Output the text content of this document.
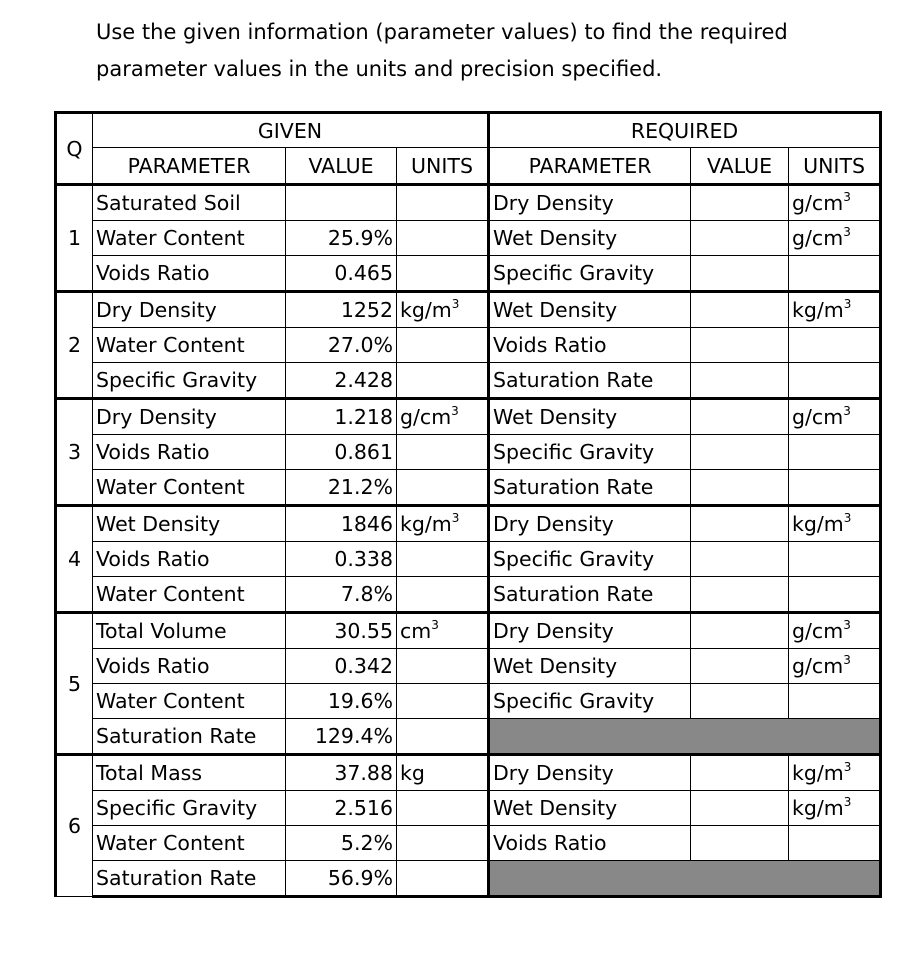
Use the given information (parameter values) to find the required parameter values in the units and precision specified.
Q	GIVEN			REQUIRED		
	PARAMETER	VALUE	UNITS	PARAMETER	VALUE	UNITS
1	Saturated Soil			Dry Density		$g/cm^3$
	Water Content	25.9%		Wet Density		$g/cm^3$
	Voids Ratio	0.465		Specific Gravity		
2	Dry Density	1252	$kg/m^3$	Wet Density		$kg/m^3$
	Water Content	27.0%		Voids Ratio		
	Specific Gravity	2.428		Saturation Rate		
3	Dry Density	1.218	$g/cm^3$	Wet Density		$g/cm^3$
	Voids Ratio	0.861		Specific Gravity		
	Water Content	21.2%		Saturation Rate		
4	Wet Density	1846	$kg/m^3$	Dry Density		$kg/m^3$
	Voids Ratio	0.338		Specific Gravity		
	Water Content	7.8%		Saturation Rate		
5	Total Volume	30.55	$cm^3$	Dry Density		$g/cm^3$
	Voids Ratio	0.342		Wet Density		$g/cm^3$
	Water Content	19.6%		Specific Gravity		
	Saturation Rate	129.4%				
6	Total Mass	37.88	kg	Dry Density		$kg/m^3$
	Specific Gravity	2.516		Wet Density		$kg/m^3$
	Water Content	5.2%		Voids Ratio		
	Saturation Rate	56.9%				
